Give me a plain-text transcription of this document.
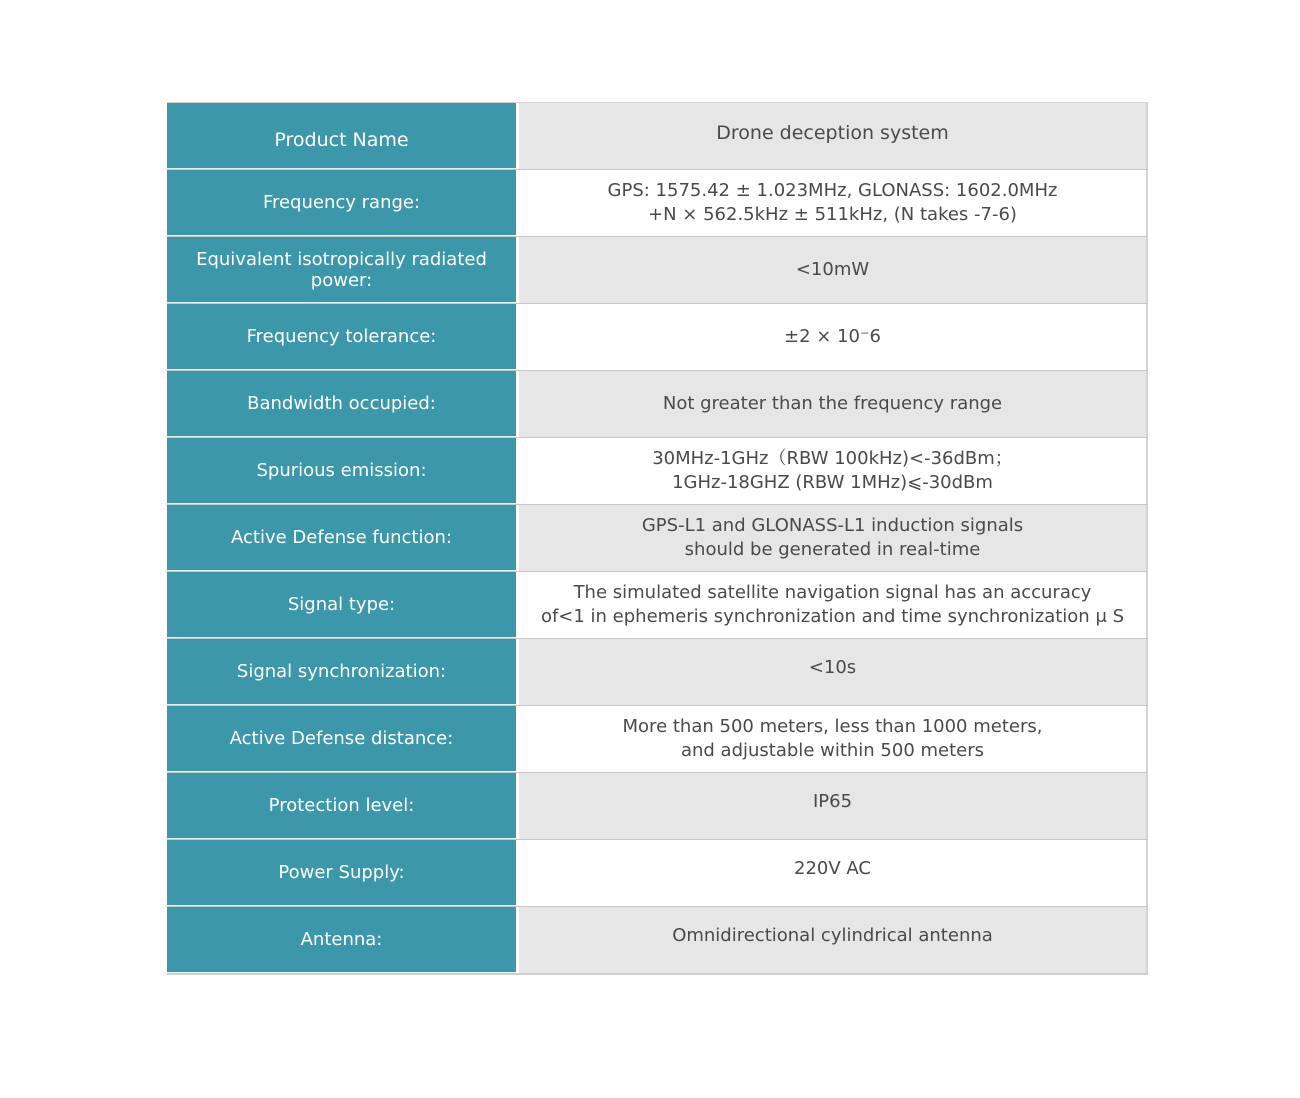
Product Name	Drone deception system
Frequency range:
GPS: 1575.42 ± 1.023MHz, GLONASS: 1602.0MHz
+N × 562.5kHz ± 511kHz, (N takes -7-6)
Equivalent isotropically radiated power:	<10mW
Frequency tolerance:	±2 × 10⁻6
Bandwidth occupied:	Not greater than the frequency range
Spurious emission:
30MHz-1GHz（RBW 100kHz)<-36dBm；
1GHz-18GHZ (RBW 1MHz)⩽-30dBm
Active Defense function:
GPS-L1 and GLONASS-L1 induction signals
should be generated in real-time
Signal type:
The simulated satellite navigation signal has an accuracy
of<1 in ephemeris synchronization and time synchronization μ S
Signal synchronization:	<10s
Active Defense distance:
More than 500 meters, less than 1000 meters,
and adjustable within 500 meters
Protection level:	IP65
Power Supply:	220V AC
Antenna:	Omnidirectional cylindrical antenna
